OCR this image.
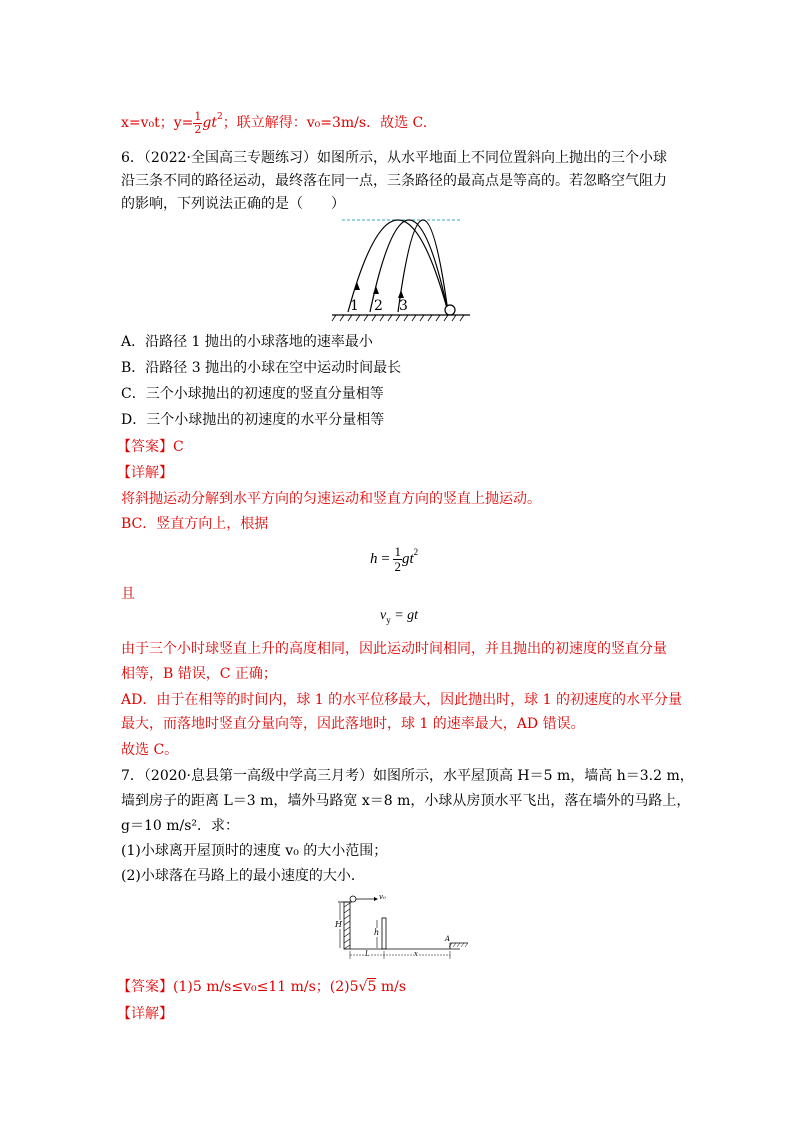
x=v₀t；$y= \frac{1}{2} gt^2$；联立解得：v₀=3m/s．故选 C.
6．（2022·全国高三专题练习）如图所示，从水平地面上不同位置斜向上抛出的三个小球
沿三条不同的路径运动，最终落在同一点，三条路径的最高点是等高的。若忽略空气阻力
的影响，下列说法正确的是（　　）
1 2 3
A．沿路径 1 抛出的小球落地的速率最小
B．沿路径 3 抛出的小球在空中运动时间最长
C．三个小球抛出的初速度的竖直分量相等
D．三个小球抛出的初速度的水平分量相等
【答案】C
【详解】
将斜抛运动分解到水平方向的匀速运动和竖直方向的竖直上抛运动。
BC．竖直方向上，根据
$h = \frac{1}{2} gt^2$
且
$v_y$ = gt
由于三个小时球竖直上升的高度相同，因此运动时间相同，并且抛出的初速度的竖直分量
相等，B 错误，C 正确；
AD．由于在相等的时间内，球 1 的水平位移最大，因此抛出时，球 1 的初速度的水平分量
最大，而落地时竖直分量向等，因此落地时，球 1 的速率最大，AD 错误。
故选 C。
7．（2020·息县第一高级中学高三月考）如图所示，水平屋顶高 H＝5 m，墙高 h＝3.2 m，
墙到房子的距离 L＝3 m，墙外马路宽 x＝8 m，小球从房顶水平飞出，落在墙外的马路上，
g＝10 m/s²．求：
(1)小球离开屋顶时的速度 v₀ 的大小范围；
(2)小球落在马路上的最小速度的大小．
v₀
H
h
L	x
A
【答案】(1)5 m/s≤v₀≤11 m/s；(2)5√5 m/s
【详解】
